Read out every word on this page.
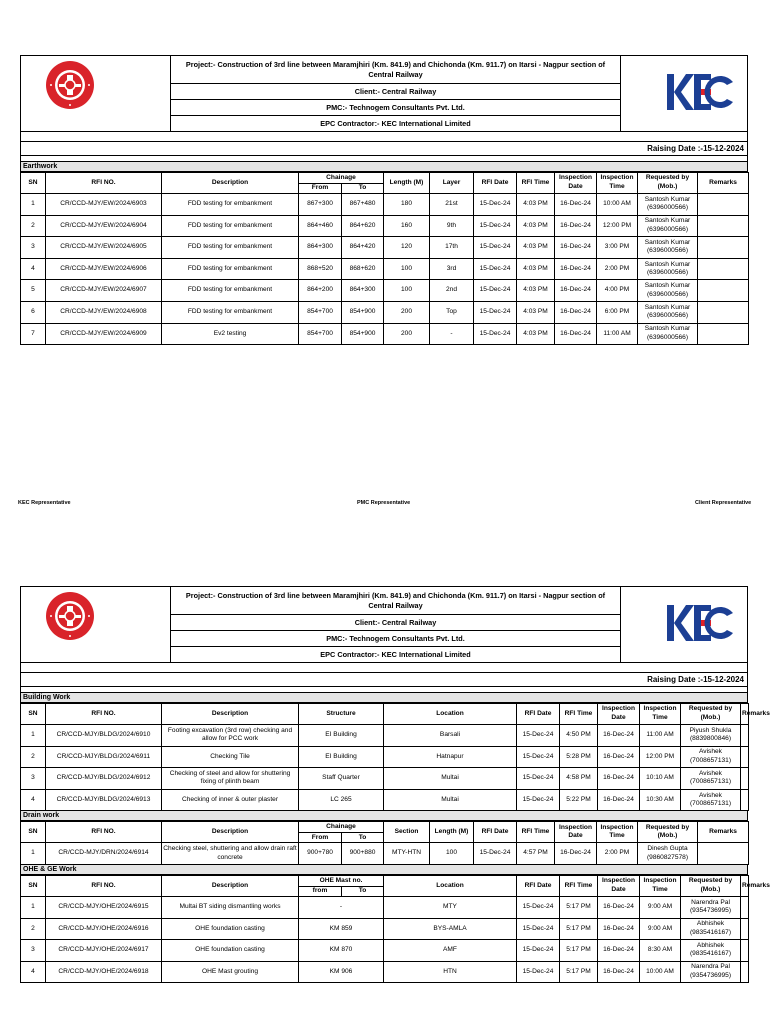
Project:- Construction of 3rd line between Maramjhiri (Km. 841.9) and Chichonda (Km. 911.7) on Itarsi - Nagpur section of Central Railway
Client:- Central Railway
PMC:- Technogem Consultants Pvt. Ltd.
EPC Contractor:- KEC International Limited
Raising Date :-15-12-2024
Earthwork
SN	RFI NO.	Description	Chainage		Length (M)	Layer	RFI Date	RFI Time	Inspection Date	Inspection Time	Requested by (Mob.)	Remarks
			From	To								
1	CR/CCD-MJY/EW/2024/6903	FDD testing for embankment	867+300	867+480	180	21st	15-Dec-24	4:03 PM	16-Dec-24	10:00 AM	Santosh Kumar (6396000566)	
2	CR/CCD-MJY/EW/2024/6904	FDD testing for embankment	864+460	864+620	160	9th	15-Dec-24	4:03 PM	16-Dec-24	12:00 PM	Santosh Kumar (6396000566)	
3	CR/CCD-MJY/EW/2024/6905	FDD testing for embankment	864+300	864+420	120	17th	15-Dec-24	4:03 PM	16-Dec-24	3:00 PM	Santosh Kumar (6396000566)	
4	CR/CCD-MJY/EW/2024/6906	FDD testing for embankment	868+520	868+620	100	3rd	15-Dec-24	4:03 PM	16-Dec-24	2:00 PM	Santosh Kumar (6396000566)	
5	CR/CCD-MJY/EW/2024/6907	FDD testing for embankment	864+200	864+300	100	2nd	15-Dec-24	4:03 PM	16-Dec-24	4:00 PM	Santosh Kumar (6396000566)	
6	CR/CCD-MJY/EW/2024/6908	FDD testing for embankment	854+700	854+900	200	Top	15-Dec-24	4:03 PM	16-Dec-24	6:00 PM	Santosh Kumar (6396000566)	
7	CR/CCD-MJY/EW/2024/6909	Ev2 testing	854+700	854+900	200	-	15-Dec-24	4:03 PM	16-Dec-24	11:00 AM	Santosh Kumar (6396000566)	
KEC Representative	PMC Representative	Client Representative
Project:- Construction of 3rd line between Maramjhiri (Km. 841.9) and Chichonda (Km. 911.7) on Itarsi - Nagpur section of Central Railway
Client:- Central Railway
PMC:- Technogem Consultants Pvt. Ltd.
EPC Contractor:- KEC International Limited
Raising Date :-15-12-2024
Building Work
SN	RFI NO.	Description	Structure	Location	RFI Date	RFI Time	Inspection Date	Inspection Time	Requested by (Mob.)	Remarks
1	CR/CCD-MJY/BLDG/2024/6910	Footing excavation (3rd row) checking and allow for PCC work	EI Building	Barsali	15-Dec-24	4:50 PM	16-Dec-24	11:00 AM	Piyush Shukla (8839800846)	
2	CR/CCD-MJY/BLDG/2024/6911	Checking Tile	EI Building	Hatnapur	15-Dec-24	5:28 PM	16-Dec-24	12:00 PM	Avishek (7008657131)	
3	CR/CCD-MJY/BLDG/2024/6912	Checking of steel and allow for shuttering fixing of plinth beam	Staff Quarter	Multai	15-Dec-24	4:58 PM	16-Dec-24	10:10 AM	Avishek (7008657131)	
4	CR/CCD-MJY/BLDG/2024/6913	Checking of inner & outer plaster	LC 265	Multai	15-Dec-24	5:22 PM	16-Dec-24	10:30 AM	Avishek (7008657131)	
Drain work
SN	RFI NO.	Description	Chainage		Section	Length (M)	RFI Date	RFI Time	Inspection Date	Inspection Time	Requested by (Mob.)	Remarks
			From	To								
1	CR/CCD-MJY/DRN/2024/6914	Checking steel, shuttering and allow drain raft concrete	900+780	900+880	MTY-HTN	100	15-Dec-24	4:57 PM	16-Dec-24	2:00 PM	Dinesh Gupta (9860827578)	
OHE & GE Work
SN	RFI NO.	Description	OHE Mast no.		Location	RFI Date	RFI Time	Inspection Date	Inspection Time	Requested by (Mob.)	Remarks
			from	To							
1	CR/CCD-MJY/OHE/2024/6915	Multai BT siding dismantling works	-		MTY	15-Dec-24	5:17 PM	16-Dec-24	9:00 AM	Narendra Pal (9354736995)	
2	CR/CCD-MJY/OHE/2024/6916	OHE foundation casting	KM 859		BYS-AMLA	15-Dec-24	5:17 PM	16-Dec-24	9:00 AM	Abhishek (9835416167)	
3	CR/CCD-MJY/OHE/2024/6917	OHE foundation casting	KM 870		AMF	15-Dec-24	5:17 PM	16-Dec-24	8:30 AM	Abhishek (9835416167)	
4	CR/CCD-MJY/OHE/2024/6918	OHE Mast grouting	KM 906		HTN	15-Dec-24	5:17 PM	16-Dec-24	10:00 AM	Narendra Pal (9354736995)	
